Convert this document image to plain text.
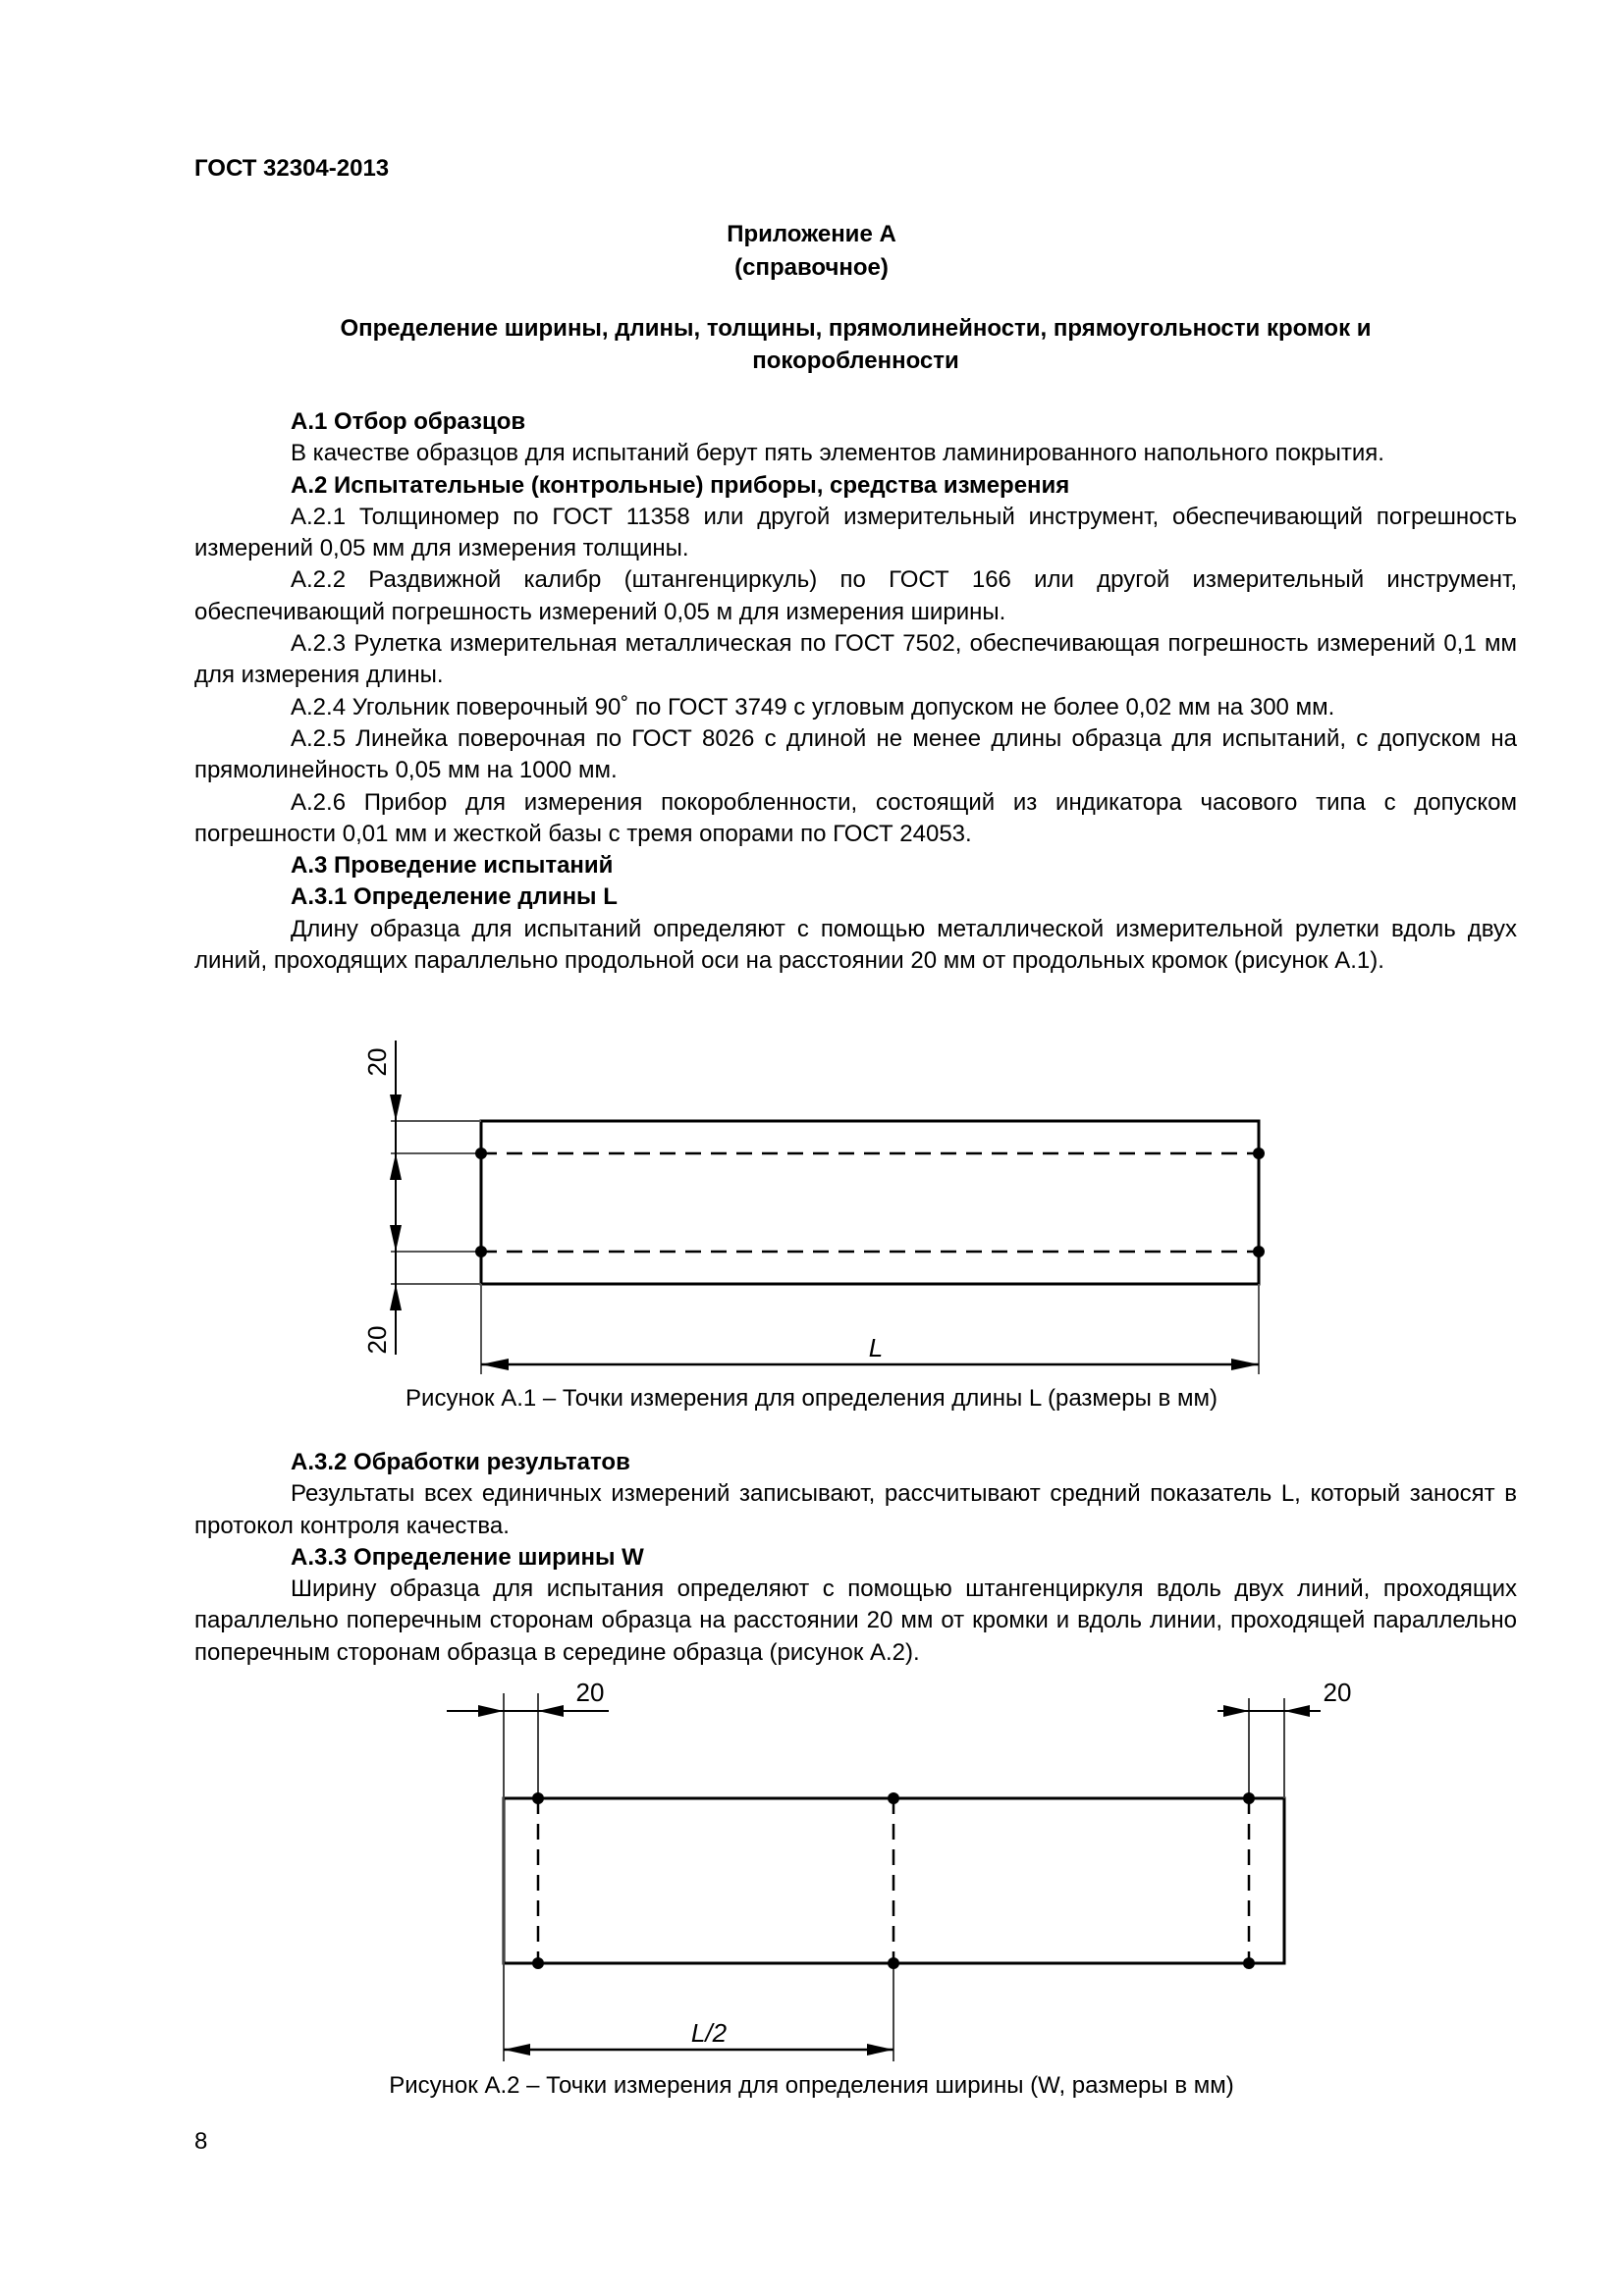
ГОСТ 32304-2013
Приложение А
(справочное)
Определение ширины, длины, толщины, прямолинейности, прямоугольности кромок и
покоробленности
А.1 Отбор образцов

В качестве образцов для испытаний берут пять элементов ламинированного напольного покрытия.

А.2 Испытательные (контрольные) приборы, средства измерения

А.2.1 Толщиномер по ГОСТ 11358 или другой измерительный инструмент, обеспечивающий погрешность измерений 0,05 мм для измерения толщины.

А.2.2 Раздвижной калибр (штангенциркуль) по ГОСТ 166 или другой измерительный инструмент, обеспечивающий погрешность измерений 0,05 м для измерения ширины.

А.2.3 Рулетка измерительная металлическая по ГОСТ 7502, обеспечивающая погрешность измерений 0,1 мм для измерения длины.

А.2.4 Угольник поверочный 90˚ по ГОСТ 3749 с угловым допуском не более 0,02 мм на 300 мм.

А.2.5 Линейка поверочная по ГОСТ 8026 с длиной не менее длины образца для испытаний, с допуском на прямолинейность 0,05 мм на 1000 мм.

А.2.6 Прибор для измерения покоробленности, состоящий из индикатора часового типа с допуском погрешности 0,01 мм и жесткой базы с тремя опорами по ГОСТ 24053.

А.3 Проведение испытаний
А.3.1 Определение длины L

Длину образца для испытаний определяют с помощью металлической измерительной рулетки вдоль двух линий, проходящих параллельно продольной оси на расстоянии 20 мм от продольных кромок (рисунок А.1).

20
20	L
Рисунок А.1 – Точки измерения для определения длины L (размеры в мм)
А.3.2 Обработки результатов

Результаты всех единичных измерений записывают, рассчитывают средний показатель L, который заносят в протокол контроля качества.

А.3.3 Определение ширины W

Ширину образца для испытания определяют с помощью штангенциркуля вдоль двух линий, проходящих параллельно поперечным сторонам образца на расстоянии 20 мм от кромки и вдоль линии, проходящей параллельно поперечным сторонам образца в середине образца (рисунок А.2).

20	20
L/2
Рисунок А.2 – Точки измерения для определения ширины (W, размеры в мм)
8
